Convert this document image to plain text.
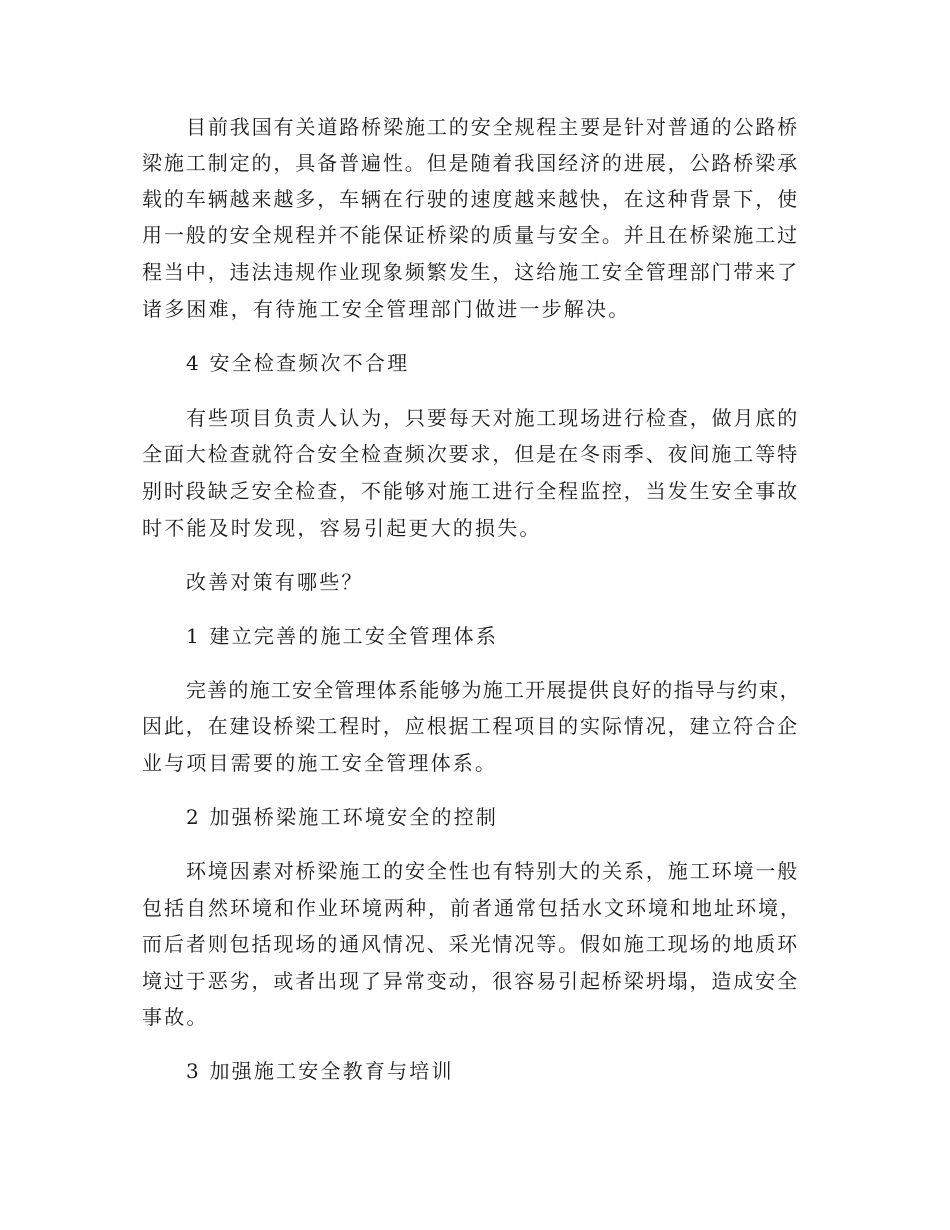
目前我国有关道路桥梁施工的安全规程主要是针对普通的公路桥
梁施工制定的，具备普遍性。但是随着我国经济的进展，公路桥梁承
载的车辆越来越多，车辆在行驶的速度越来越快，在这种背景下，使
用一般的安全规程并不能保证桥梁的质量与安全。并且在桥梁施工过
程当中，违法违规作业现象频繁发生，这给施工安全管理部门带来了
诸多困难，有待施工安全管理部门做进一步解决。
4 安全检查频次不合理
有些项目负责人认为，只要每天对施工现场进行检查，做月底的
全面大检查就符合安全检查频次要求，但是在冬雨季、夜间施工等特
别时段缺乏安全检查，不能够对施工进行全程监控，当发生安全事故
时不能及时发现，容易引起更大的损失。
改善对策有哪些？
1 建立完善的施工安全管理体系
完善的施工安全管理体系能够为施工开展提供良好的指导与约束，
因此，在建设桥梁工程时，应根据工程项目的实际情况，建立符合企
业与项目需要的施工安全管理体系。
2 加强桥梁施工环境安全的控制
环境因素对桥梁施工的安全性也有特别大的关系，施工环境一般
包括自然环境和作业环境两种，前者通常包括水文环境和地址环境，
而后者则包括现场的通风情况、采光情况等。假如施工现场的地质环
境过于恶劣，或者出现了异常变动，很容易引起桥梁坍塌，造成安全
事故。
3 加强施工安全教育与培训
